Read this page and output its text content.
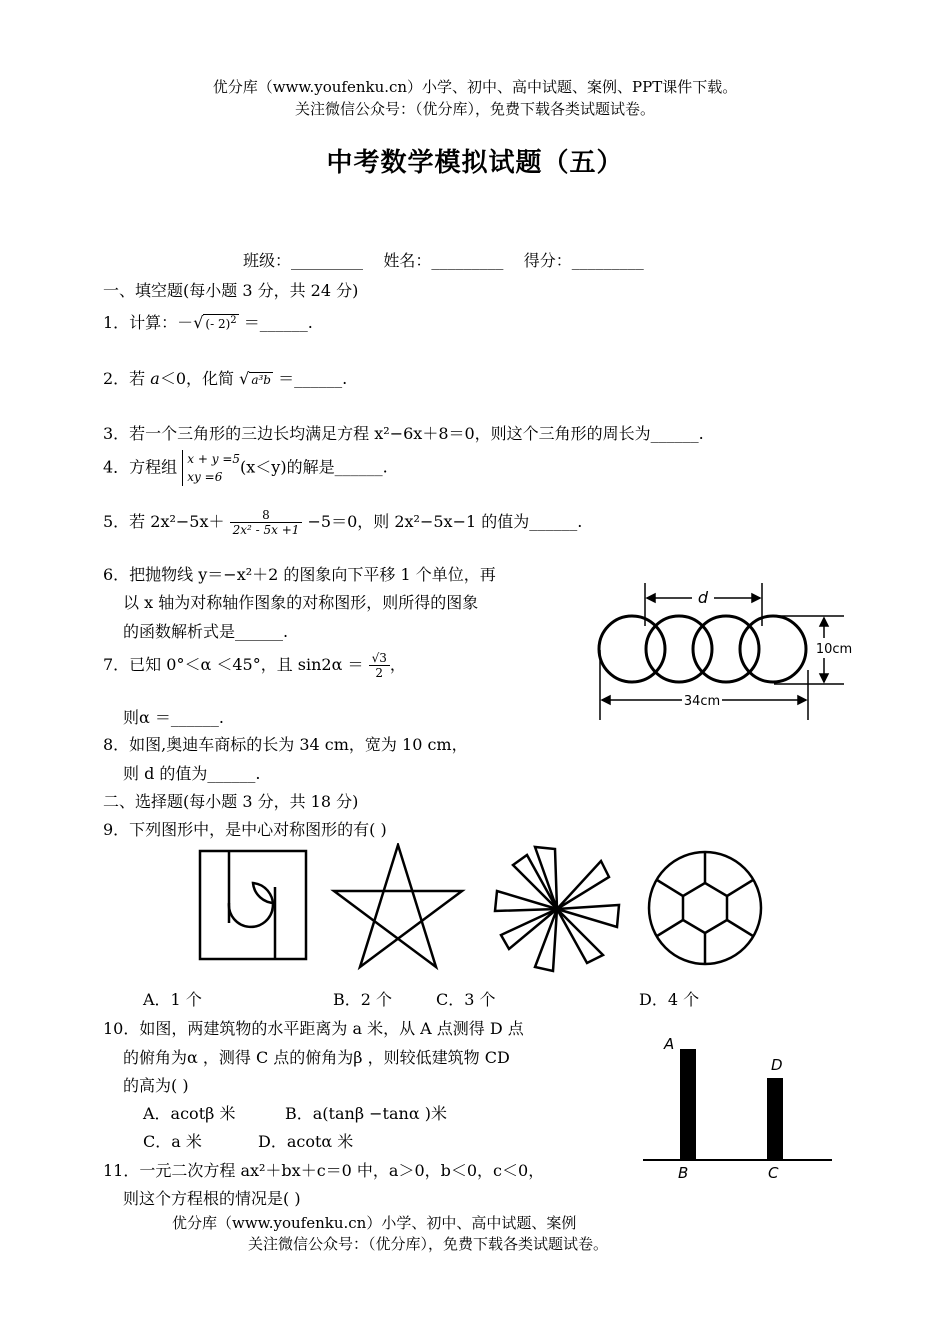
优分库（www.youfenku.cn）小学、初中、高中试题、案例、PPT课件下载。
关注微信公众号：（优分库），免费下载各类试题试卷。
中考数学模拟试题（五）
班级：_________ 姓名：_________ 得分：_________
一、填空题(每小题 3 分，共 24 分)
1．计算：－√ (- 2)$^2$ ＝______.
2．若 a＜0，化简 √ a³b ＝______.
3．若一个三角形的三边长均满足方程 x²−6x＋8＝0，则这个三角形的周长为______.
4．方程组 x + y =5
xy =6(x＜y)的解是______.
5．若 $2x^2-5x+ \frac{8}{\text{2x² - 5x +1}} -5=0$，则 2x²−5x−1 的值为______.
6．把抛物线 y＝−x²＋2 的图象向下平移 1 个单位，再
以 x 轴为对称轴作图象的对称图形，则所得的图象
的函数解析式是______.
7．已知 0°＜α ＜45°，且 $\sin 2\alpha = \frac{√3}{2}$ ，
则α ＝______.
8．如图,奥迪车商标的长为 34 cm，宽为 10 cm，
则 d 的值为______.
d
10cm
34cm
二、选择题(每小题 3 分，共 18 分)
9．下列图形中，是中心对称图形的有( )
A．1 个	B．2 个	C．3 个	D．4 个
10．如图，两建筑物的水平距离为 a 米，从 A 点测得 D 点
的俯角为α ，测得 C 点的俯角为β ，则较低建筑物 CD
的高为( )
A．acotβ 米	B．a(tanβ −tanα )米
C．a 米	D．acotα 米
A
B
D
C
11．一元二次方程 ax²＋bx＋c＝0 中，a＞0，b＜0，c＜0，
则这个方程根的情况是( )
优分库（www.youfenku.cn）小学、初中、高中试题、案例
关注微信公众号：（优分库），免费下载各类试题试卷。
